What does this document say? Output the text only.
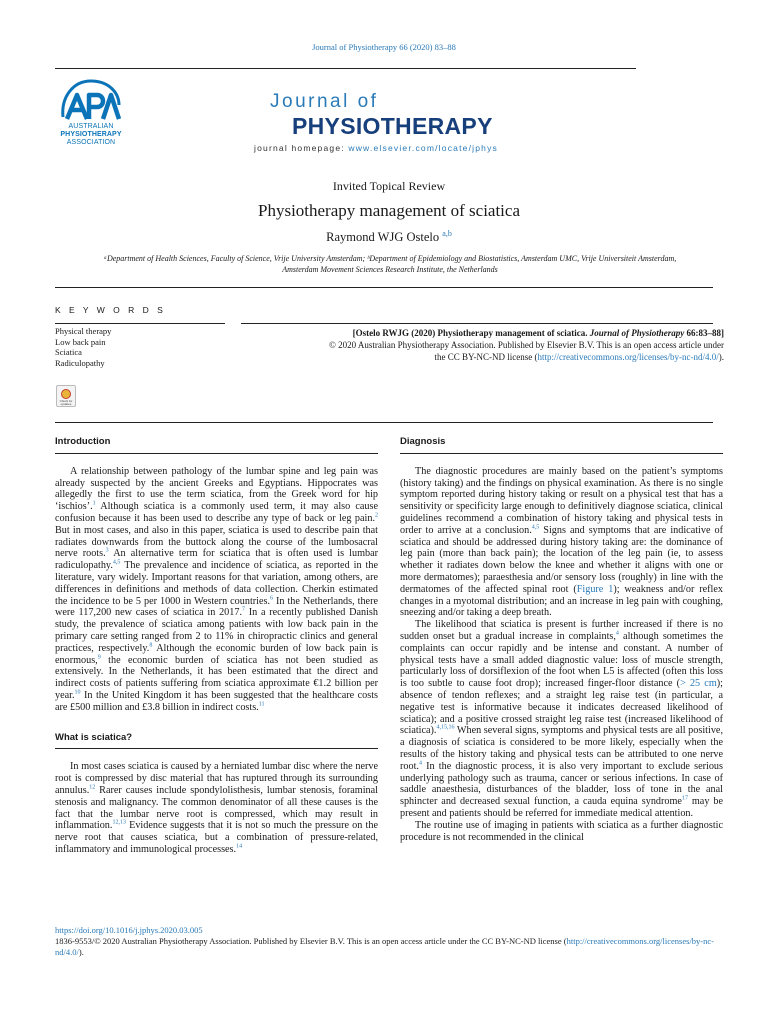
Journal of Physiotherapy 66 (2020) 83–88
APA
AUSTRALIAN
PHYSIOTHERAPY
ASSOCIATION
Journal of
PHYSIOTHERAPY
journal homepage: www.elsevier.com/locate/jphys
Invited Topical Review
Physiotherapy management of sciatica
Raymond WJG Ostelo $^{a,b}$
ᵃDepartment of Health Sciences, Faculty of Science, Vrije University Amsterdam; ᵇDepartment of Epidemiology and Biostatistics, Amsterdam UMC, Vrije Universiteit Amsterdam,
Amsterdam Movement Sciences Research Institute, the Netherlands
K E Y W O R D S
Physical therapy
Low back pain
Sciatica
Radiculopathy
Check for updates
[Ostelo RWJG (2020) Physiotherapy management of sciatica. Journal of Physiotherapy 66:83–88]
© 2020 Australian Physiotherapy Association. Published by Elsevier B.V. This is an open access article under
the CC BY-NC-ND license (http://creativecommons.org/licenses/by-nc-nd/4.0/).
Introduction

A relationship between pathology of the lumbar spine and leg pain was already suspected by the ancient Greeks and Egyptians. Hippocrates was allegedly the first to use the term sciatica, from the Greek word for hip ‘ischios’.$^1$ Although sciatica is a commonly used term, it may also cause confusion because it has been used to describe any type of back or leg pain.$^2$ But in most cases, and also in this paper, sciatica is used to describe pain that radiates downwards from the buttock along the course of the lumbosacral nerve roots.$^3$ An alternative term for sciatica that is often used is lumbar radiculopathy.$^{4,5}$ The prevalence and incidence of sciatica, as reported in the literature, vary widely. Important reasons for that variation, among others, are differences in definitions and methods of data collection. Cherkin estimated the incidence to be 5 per 1000 in Western countries.$^6$ In the Netherlands, there were 117,200 new cases of sciatica in 2017.$^7$ In a recently published Danish study, the prevalence of sciatica among patients with low back pain in the primary care setting ranged from 2 to 11% in chiropractic clinics and general practices, respectively.$^8$ Although the economic burden of low back pain is enormous,$^9$ the economic burden of sciatica has not been studied as extensively. In the Netherlands, it has been estimated that the direct and indirect costs of patients suffering from sciatica approximate €1.2 billion per year.$^{10}$ In the United Kingdom it has been suggested that the healthcare costs are £500 million and £3.8 billion in indirect costs.$^{11}$

What is sciatica?

In most cases sciatica is caused by a herniated lumbar disc where the nerve root is compressed by disc material that has ruptured through its surrounding annulus.$^{12}$ Rarer causes include spondylolisthesis, lumbar stenosis, foraminal stenosis and malignancy. The common denominator of all these causes is the fact that the lumbar nerve root is compressed, which may result in inflammation.$^{12,13}$ Evidence suggests that it is not so much the pressure on the nerve root that causes sciatica, but a combination of pressure-related, inflammatory and immunological processes.$^{14}$

Diagnosis

The diagnostic procedures are mainly based on the patient’s symptoms (history taking) and the findings on physical examination. As there is no single symptom reported during history taking or result on a physical test that has a sensitivity or specificity large enough to definitively diagnose sciatica, clinical guidelines recommend a combination of history taking and physical tests in order to arrive at a conclusion.$^{4,5}$ Signs and symptoms that are indicative of sciatica and should be addressed during history taking are: the dominance of leg pain (more than back pain); the location of the leg pain (ie, to assess whether it radiates down below the knee and whether it aligns with one or more dermatomes); paraesthesia and/or sensory loss (roughly) in line with the dermatomes of the affected spinal root (Figure 1); weakness and/or reflex changes in a myotomal distribution; and an increase in leg pain with coughing, sneezing and/or taking a deep breath.

The likelihood that sciatica is present is further increased if there is no sudden onset but a gradual increase in complaints,$^4$ although sometimes the complaints can occur rapidly and be intense and constant. A number of physical tests have a small added diagnostic value: loss of muscle strength, particularly loss of dorsiflexion of the foot when L5 is affected (often this loss is too subtle to cause foot drop); increased finger-floor distance (> 25 cm); absence of tendon reflexes; and a straight leg raise test (in particular, a negative test is informative because it indicates decreased likelihood of sciatica); and a positive crossed straight leg raise test (increased likelihood of sciatica).$^{4,15,16}$ When several signs, symptoms and physical tests are all positive, a diagnosis of sciatica is considered to be more likely, especially when the results of the history taking and physical tests can be attributed to one nerve root.$^4$ In the diagnostic process, it is also very important to exclude serious underlying pathology such as trauma, cancer or serious infections. In case of saddle anaesthesia, disturbances of the bladder, loss of tone in the anal sphincter and decreased sexual function, a cauda equina syndrome$^{17}$ may be present and patients should be referred for immediate medical attention.

The routine use of imaging in patients with sciatica as a further diagnostic procedure is not recommended in the clinical

https://doi.org/10.1016/j.jphys.2020.03.005
1836-9553/© 2020 Australian Physiotherapy Association. Published by Elsevier B.V. This is an open access article under the CC BY-NC-ND license (http://creativecommons.org/licenses/by-nc-nd/4.0/).
